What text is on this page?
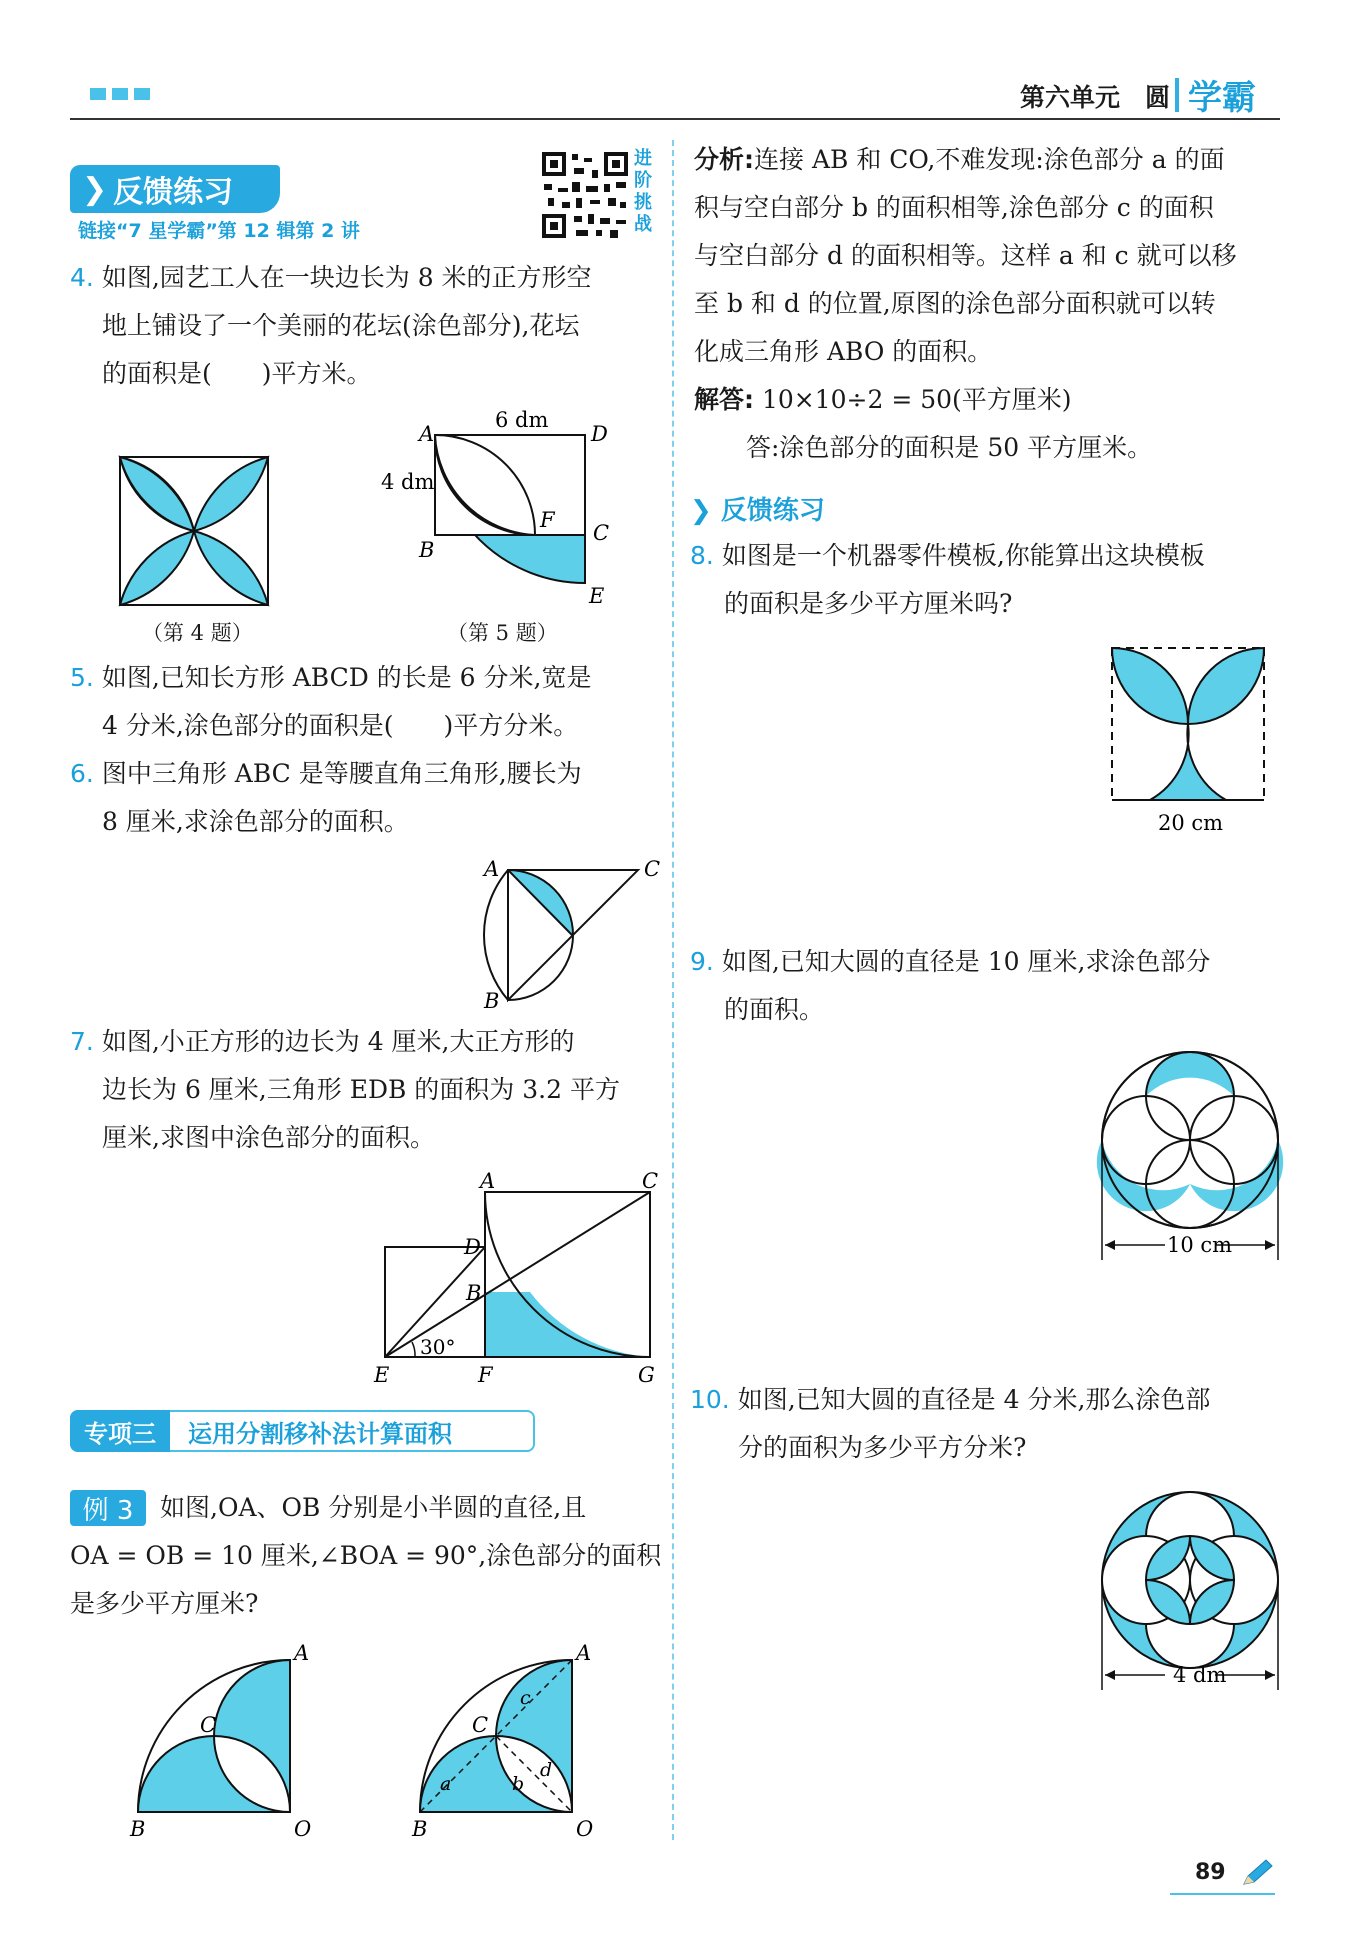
第六单元　 圆 学霸
❯ 反馈练习
链接“7 星学霸”第 12 辑第 2 讲
进阶挑战
4. 如图,园艺工人在一块边长为 8 米的正方形空
地上铺设了一个美丽的花坛(涂色部分),花坛
的面积是(　　)平方米。
（第 4 题）
A	D
B
C
E
F
6 dm
4 dm
（第 5 题）
5. 如图,已知长方形 ABCD 的长是 6 分米,宽是
4 分米,涂色部分的面积是(　　)平方分米。
6. 图中三角形 ABC 是等腰直角三角形,腰长为
8 厘米,求涂色部分的面积。
A	C
B
7. 如图,小正方形的边长为 4 厘米,大正方形的
边长为 6 厘米,三角形 EDB 的面积为 3.2 平方
厘米,求图中涂色部分的面积。
A	C
D
B
E	F	G
30°
专项三	运用分割移补法计算面积
例 3	如图,OA、OB 分别是小半圆的直径,且
OA = OB = 10 厘米,∠BOA = 90°,涂色部分的面积
是多少平方厘米?
A
B	O
C
A
B	O
C
c
a	b
d
分析:连接 AB 和 CO,不难发现:涂色部分 a 的面
积与空白部分 b 的面积相等,涂色部分 c 的面积
与空白部分 d 的面积相等。这样 a 和 c 就可以移
至 b 和 d 的位置,原图的涂色部分面积就可以转
化成三角形 ABO 的面积。
解答: 10×10÷2 = 50(平方厘米)
答:涂色部分的面积是 50 平方厘米。
❯ 反馈练习
8. 如图是一个机器零件模板,你能算出这块模板
的面积是多少平方厘米吗?
20 cm
9. 如图,已知大圆的直径是 10 厘米,求涂色部分
的面积。
10 cm
10. 如图,已知大圆的直径是 4 分米,那么涂色部
分的面积为多少平方分米?
4 dm
89
